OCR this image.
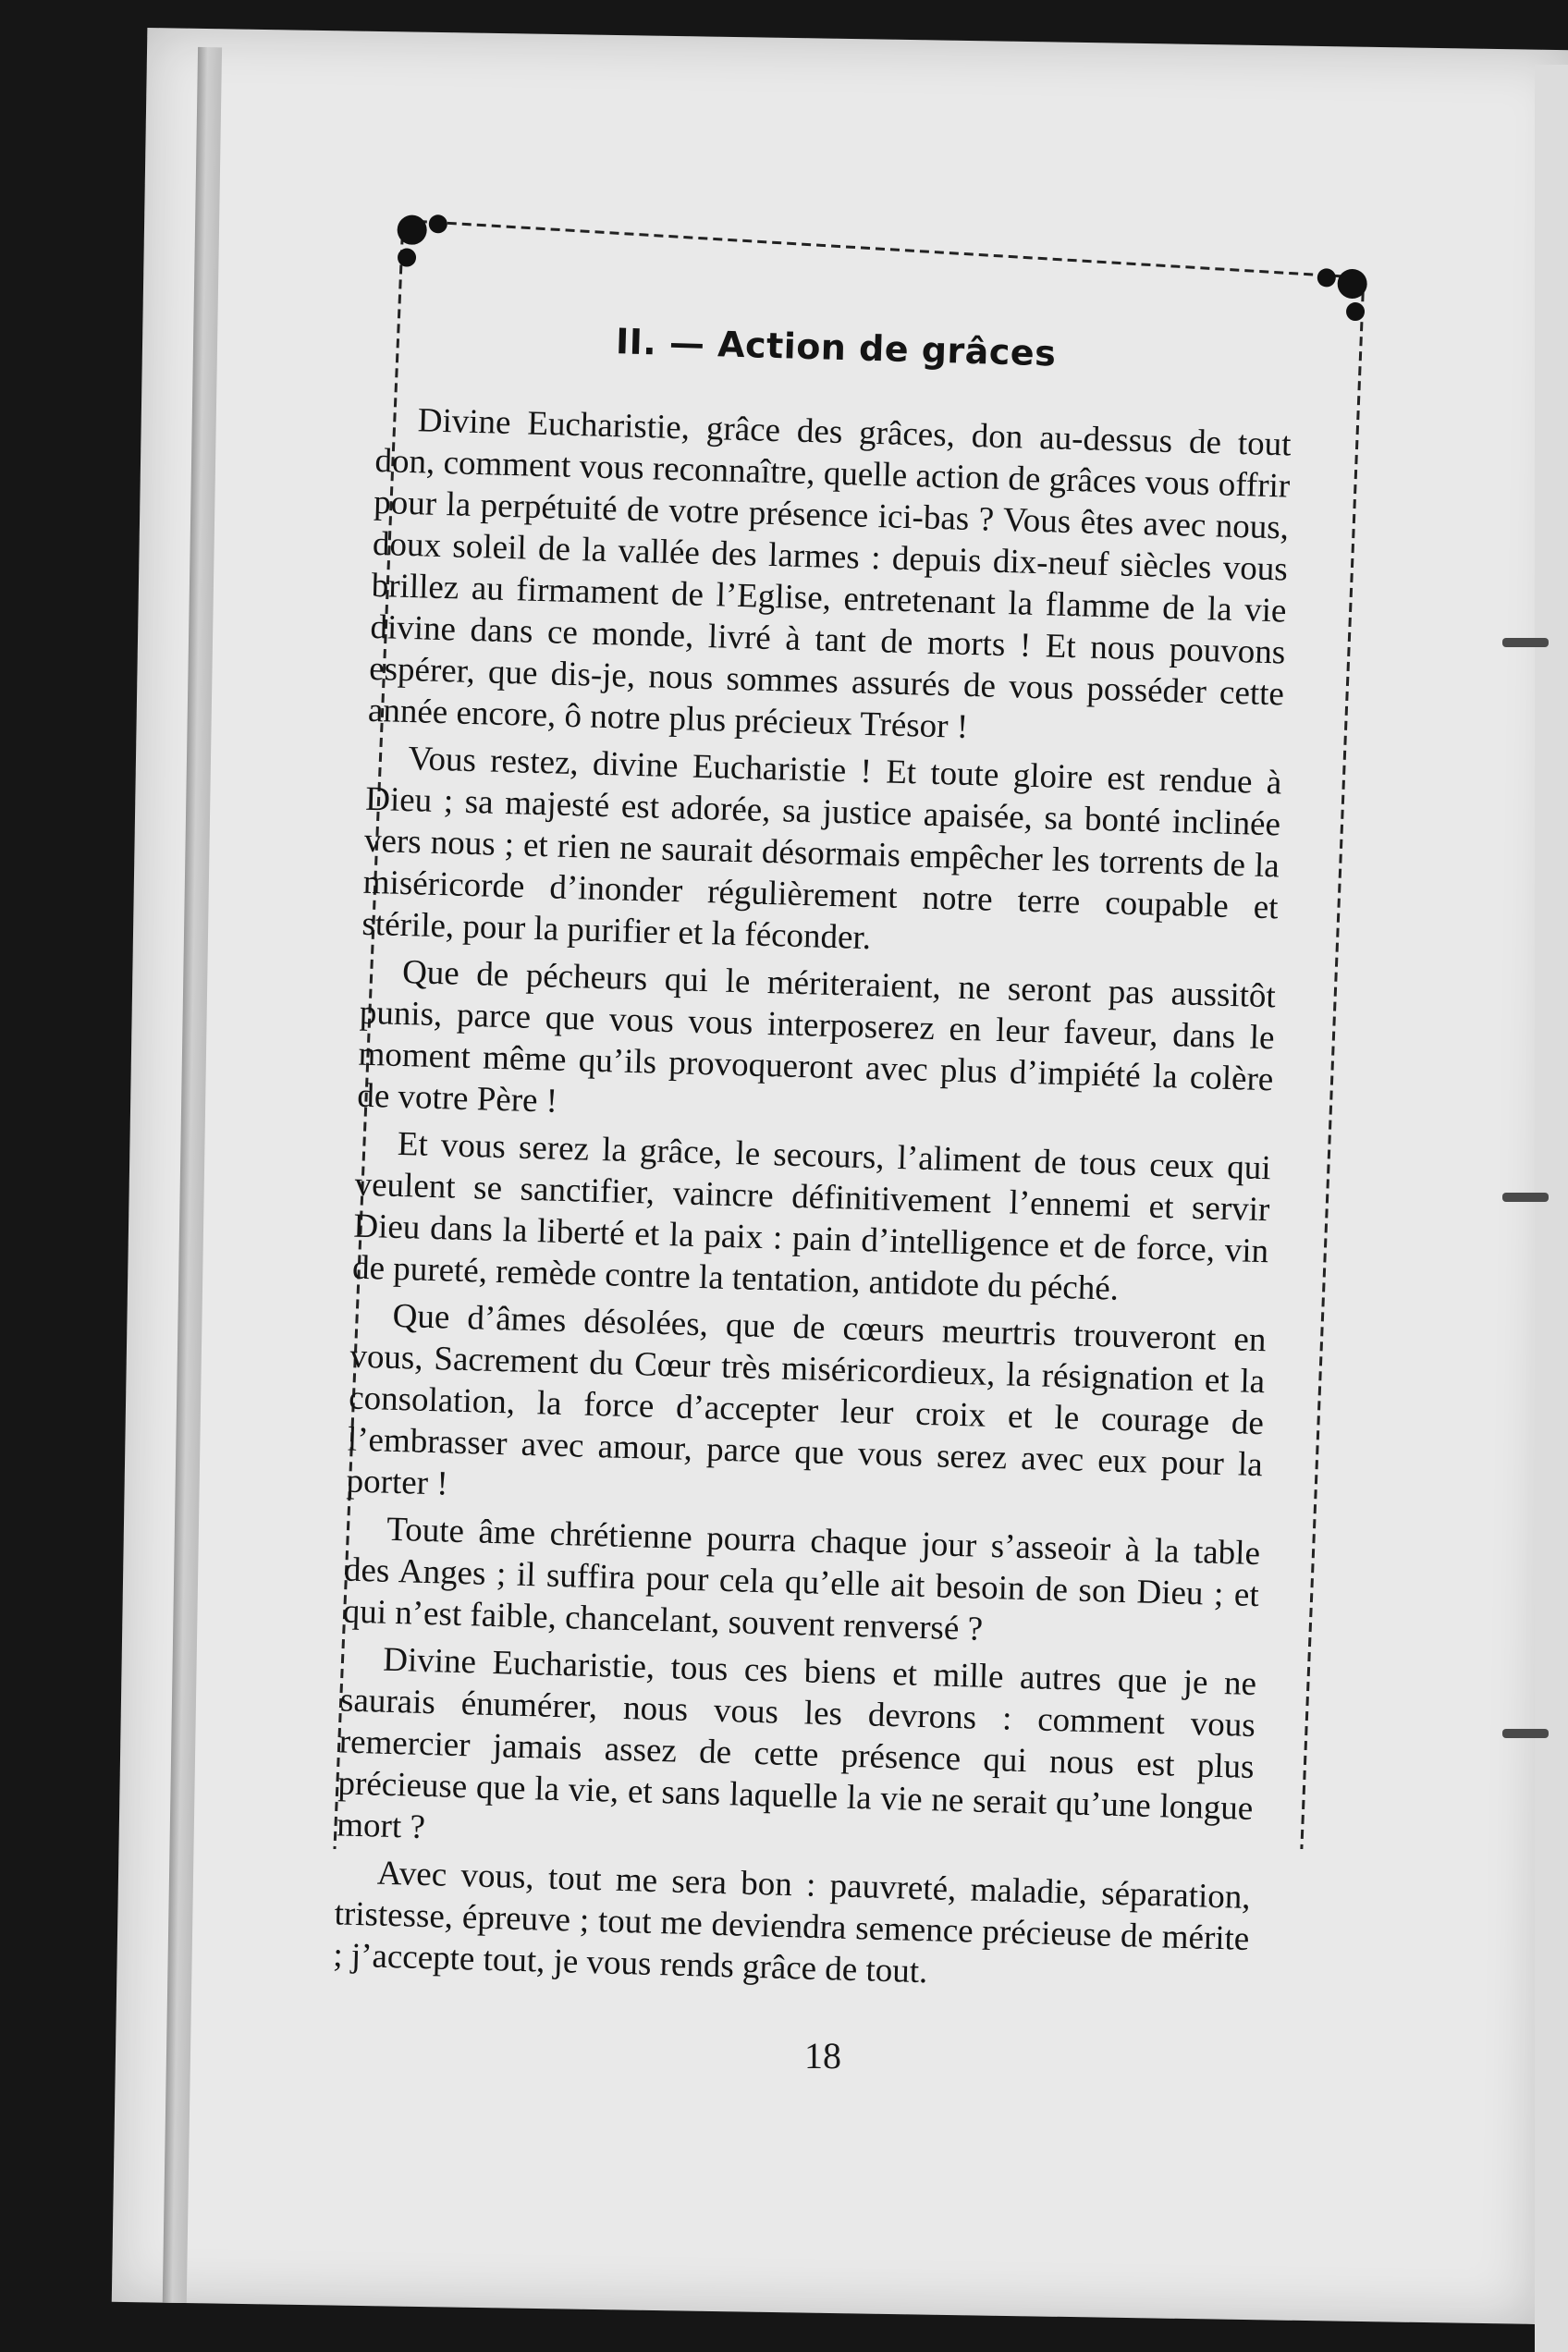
II. — Action de grâces

Divine Eucharistie, grâce des grâces, don au-dessus de tout don, comment vous reconnaître, quelle action de grâces vous offrir pour la perpétuité de votre présence ici-bas ? Vous êtes avec nous, doux soleil de la vallée des larmes : depuis dix-neuf siècles vous brillez au firmament de l’Eglise, entretenant la flamme de la vie divine dans ce monde, livré à tant de morts ! Et nous pouvons espérer, que dis-je, nous sommes assurés de vous posséder cette année encore, ô notre plus précieux Trésor !

Vous restez, divine Eucharistie ! Et toute gloire est rendue à Dieu ; sa majesté est adorée, sa justice apaisée, sa bonté inclinée vers nous ; et rien ne saurait désormais empêcher les torrents de la miséricorde d’inonder régulièrement notre terre coupable et stérile, pour la purifier et la féconder.

Que de pécheurs qui le mériteraient, ne seront pas aussitôt punis, parce que vous vous interposerez en leur faveur, dans le moment même qu’ils provoqueront avec plus d’impiété la colère de votre Père !

Et vous serez la grâce, le secours, l’aliment de tous ceux qui veulent se sanctifier, vaincre définitivement l’ennemi et servir Dieu dans la liberté et la paix : pain d’intelligence et de force, vin de pureté, remède contre la tentation, antidote du péché.

Que d’âmes désolées, que de cœurs meurtris trouveront en vous, Sacrement du Cœur très miséricordieux, la résignation et la consolation, la force d’accepter leur croix et le courage de l’embrasser avec amour, parce que vous serez avec eux pour la porter !

Toute âme chrétienne pourra chaque jour s’asseoir à la table des Anges ; il suffira pour cela qu’elle ait besoin de son Dieu ; et qui n’est faible, chancelant, souvent renversé ?

Divine Eucharistie, tous ces biens et mille autres que je ne saurais énumérer, nous vous les devrons : comment vous remercier jamais assez de cette présence qui nous est plus précieuse que la vie, et sans laquelle la vie ne serait qu’une longue mort ?

Avec vous, tout me sera bon : pauvreté, maladie, séparation, tristesse, épreuve ; tout me deviendra semence précieuse de mérite ; j’accepte tout, je vous rends grâce de tout.

18
